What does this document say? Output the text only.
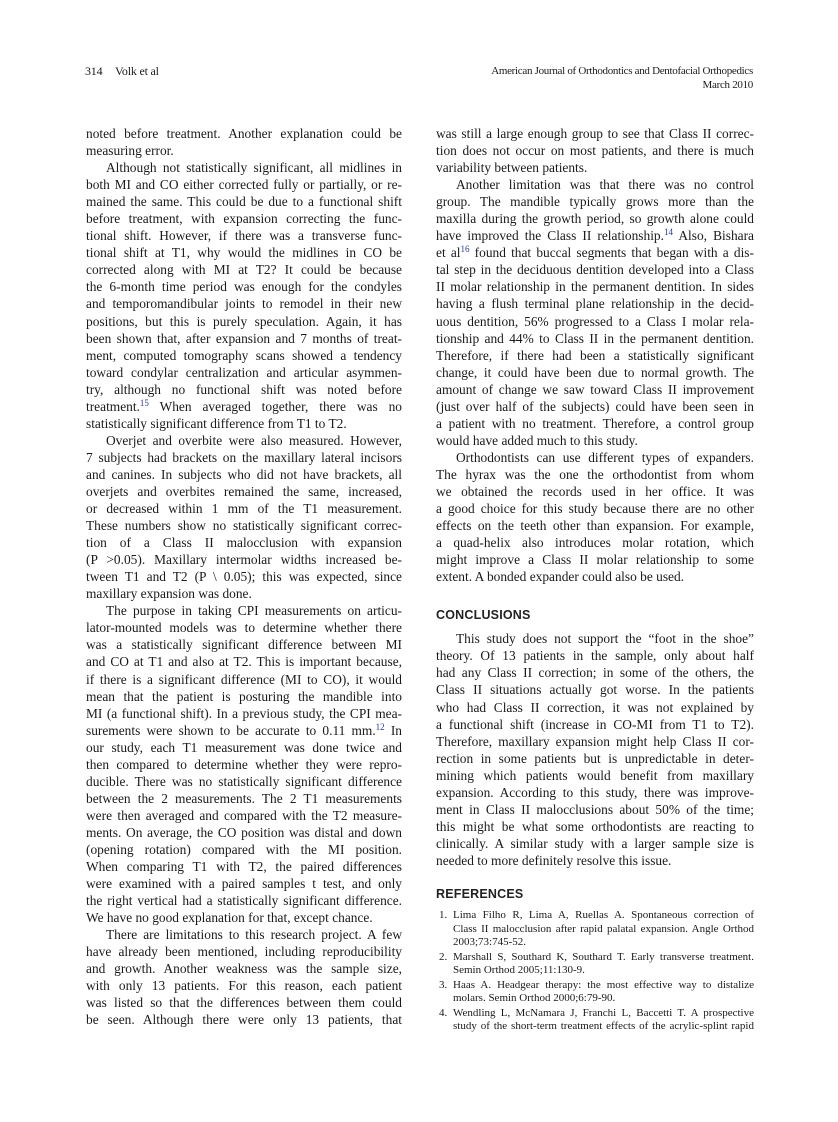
314 Volk et al	American Journal of Orthodontics and Dentofacial Orthopedics
March 2010
noted before treatment. Another explanation could be
measuring error.
Although not statistically significant, all midlines in
both MI and CO either corrected fully or partially, or re-
mained the same. This could be due to a functional shift
before treatment, with expansion correcting the func-
tional shift. However, if there was a transverse func-
tional shift at T1, why would the midlines in CO be
corrected along with MI at T2? It could be because
the 6-month time period was enough for the condyles
and temporomandibular joints to remodel in their new
positions, but this is purely speculation. Again, it has
been shown that, after expansion and 7 months of treat-
ment, computed tomography scans showed a tendency
toward condylar centralization and articular asymmen-
try, although no functional shift was noted before
treatment.$^{15}$ When averaged together, there was no
statistically significant difference from T1 to T2.
Overjet and overbite were also measured. However,
7 subjects had brackets on the maxillary lateral incisors
and canines. In subjects who did not have brackets, all
overjets and overbites remained the same, increased,
or decreased within 1 mm of the T1 measurement.
These numbers show no statistically significant correc-
tion of a Class II malocclusion with expansion
(P >0.05). Maxillary intermolar widths increased be-
tween T1 and T2 (P \ 0.05); this was expected, since
maxillary expansion was done.
The purpose in taking CPI measurements on articu-
lator-mounted models was to determine whether there
was a statistically significant difference between MI
and CO at T1 and also at T2. This is important because,
if there is a significant difference (MI to CO), it would
mean that the patient is posturing the mandible into
MI (a functional shift). In a previous study, the CPI mea-
surements were shown to be accurate to 0.11 mm.$^{12}$ In
our study, each T1 measurement was done twice and
then compared to determine whether they were repro-
ducible. There was no statistically significant difference
between the 2 measurements. The 2 T1 measurements
were then averaged and compared with the T2 measure-
ments. On average, the CO position was distal and down
(opening rotation) compared with the MI position.
When comparing T1 with T2, the paired differences
were examined with a paired samples t test, and only
the right vertical had a statistically significant difference.
We have no good explanation for that, except chance.
There are limitations to this research project. A few
have already been mentioned, including reproducibility
and growth. Another weakness was the sample size,
with only 13 patients. For this reason, each patient
was listed so that the differences between them could
be seen. Although there were only 13 patients, that
was still a large enough group to see that Class II correc-
tion does not occur on most patients, and there is much
variability between patients.
Another limitation was that there was no control
group. The mandible typically grows more than the
maxilla during the growth period, so growth alone could
have improved the Class II relationship.$^{14}$ Also, Bishara
et al$^{16}$ found that buccal segments that began with a dis-
tal step in the deciduous dentition developed into a Class
II molar relationship in the permanent dentition. In sides
having a flush terminal plane relationship in the decid-
uous dentition, 56% progressed to a Class I molar rela-
tionship and 44% to Class II in the permanent dentition.
Therefore, if there had been a statistically significant
change, it could have been due to normal growth. The
amount of change we saw toward Class II improvement
(just over half of the subjects) could have been seen in
a patient with no treatment. Therefore, a control group
would have added much to this study.
Orthodontists can use different types of expanders.
The hyrax was the one the orthodontist from whom
we obtained the records used in her office. It was
a good choice for this study because there are no other
effects on the teeth other than expansion. For example,
a quad-helix also introduces molar rotation, which
might improve a Class II molar relationship to some
extent. A bonded expander could also be used.
CONCLUSIONS
This study does not support the “foot in the shoe”
theory. Of 13 patients in the sample, only about half
had any Class II correction; in some of the others, the
Class II situations actually got worse. In the patients
who had Class II correction, it was not explained by
a functional shift (increase in CO-MI from T1 to T2).
Therefore, maxillary expansion might help Class II cor-
rection in some patients but is unpredictable in deter-
mining which patients would benefit from maxillary
expansion. According to this study, there was improve-
ment in Class II malocclusions about 50% of the time;
this might be what some orthodontists are reacting to
clinically. A similar study with a larger sample size is
needed to more definitely resolve this issue.
REFERENCES
1. Lima Filho R, Lima A, Ruellas A. Spontaneous correction of
Class II malocclusion after rapid palatal expansion. Angle Orthod
2003;73:745-52.
2. Marshall S, Southard K, Southard T. Early transverse treatment.
Semin Orthod 2005;11:130-9.
3. Haas A. Headgear therapy: the most effective way to distalize
molars. Semin Orthod 2000;6:79-90.
4. Wendling L, McNamara J, Franchi L, Baccetti T. A prospective
study of the short-term treatment effects of the acrylic-splint rapid
